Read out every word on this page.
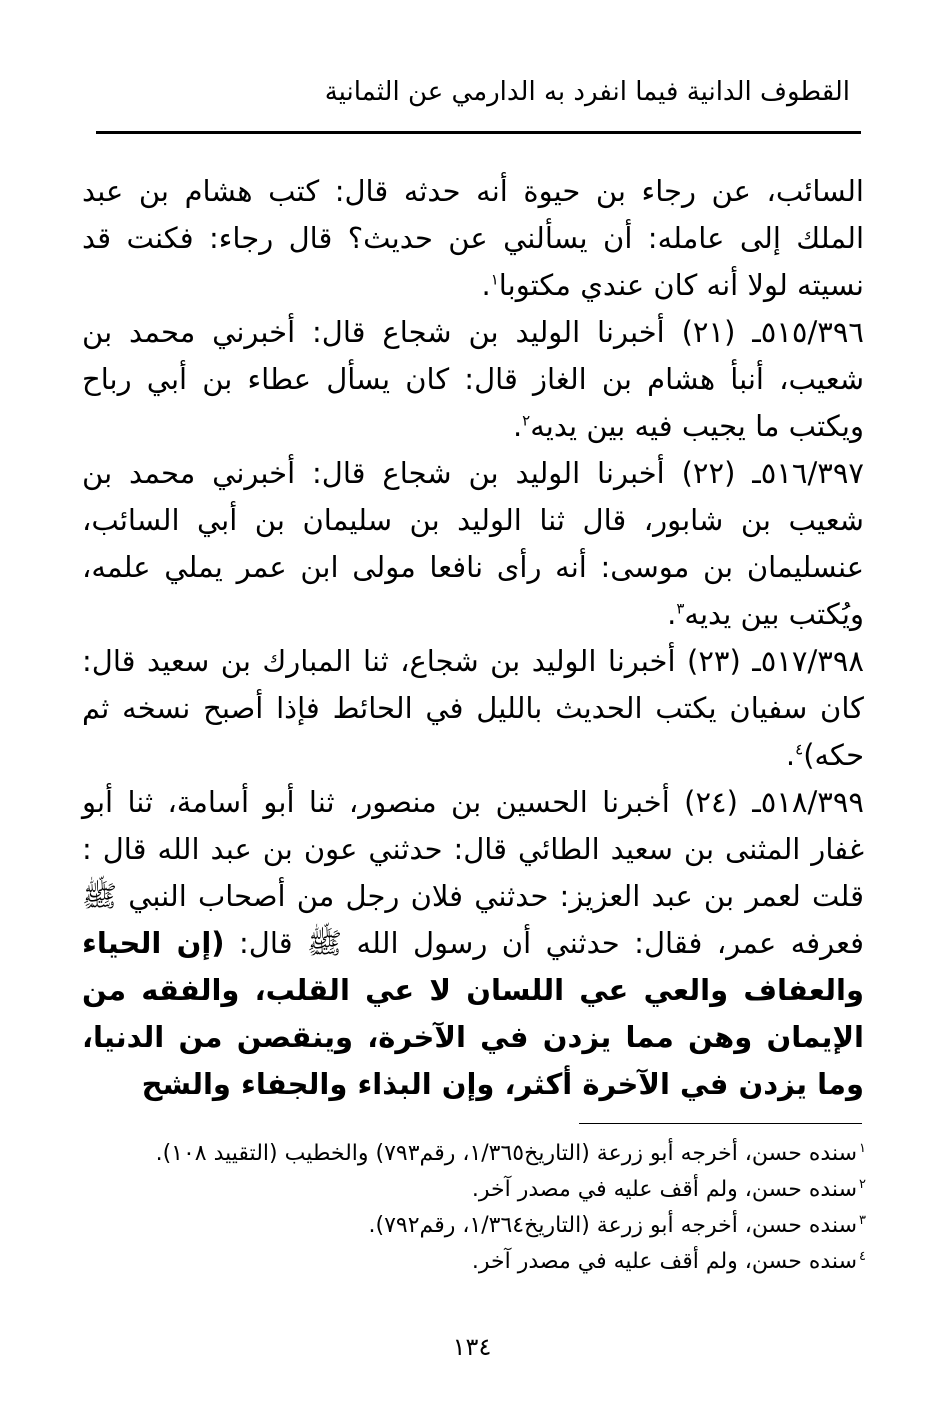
القطوف الدانية فيما انفرد به الدارمي عن الثمانية

السائب، عن رجاء بن حيوة أنه حدثه قال: كتب هشام بن عبد الملك إلى عامله: أن يسألني عن حديث؟ قال رجاء: فكنت قد نسيته لولا أنه كان عندي مكتوبا$^١$.

٥١٥/٣٩٦ـ (٢١) أخبرنا الوليد بن شجاع قال: أخبرني محمد بن شعيب، أنبأ هشام بن الغاز قال: كان يسأل عطاء بن أبي رباح ويكتب ما يجيب فيه بين يديه$^٢$.

٥١٦/٣٩٧ـ (٢٢) أخبرنا الوليد بن شجاع قال: أخبرني محمد بن شعيب بن شابور، قال ثنا الوليد بن سليمان بن أبي السائب، عنسليمان بن موسى: أنه رأى نافعا مولى ابن عمر يملي علمه، ويُكتب بين يديه$^٣$.

٥١٧/٣٩٨ـ (٢٣) أخبرنا الوليد بن شجاع، ثنا المبارك بن سعيد قال: كان سفيان يكتب الحديث بالليل في الحائط فإذا أصبح نسخه ثم حكه)$^٤$.

٥١٨/٣٩٩ـ (٢٤) أخبرنا الحسين بن منصور، ثنا أبو أسامة، ثنا أبو غفار المثنى بن سعيد الطائي قال: حدثني عون بن عبد الله قال : قلت لعمر بن عبد العزيز: حدثني فلان رجل من أصحاب النبي ﷺ فعرفه عمر، فقال: حدثني أن رسول الله ﷺ قال: (إن الحياء والعفاف والعي عي اللسان لا عي القلب، والفقه من الإيمان وهن مما يزدن في الآخرة، وينقصن من الدنيا، وما يزدن في الآخرة أكثر، وإن البذاء والجفاء والشح

$^١$سنده حسن، أخرجه أبو زرعة (التاريخ١/٣٦٥، رقم٧٩٣) والخطيب (التقييد ١٠٨).

$^٢$سنده حسن، ولم أقف عليه في مصدر آخر.

$^٣$سنده حسن، أخرجه أبو زرعة (التاريخ١/٣٦٤، رقم٧٩٢).

$^٤$سنده حسن، ولم أقف عليه في مصدر آخر.

١٣٤
